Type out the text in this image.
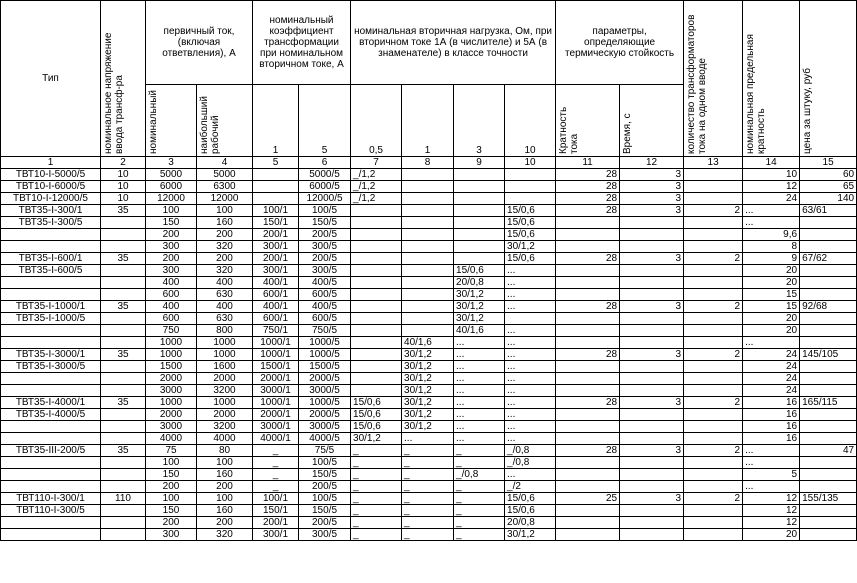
Тип	номинальное напряжение ввода трансф-ра	первичный ток, (включая ответвления), А		номинальный коэффициент трансформации при номинальном вторичном токе, А		номинальная вторичная нагрузка, Ом, при вторичном токе 1А (в числителе) и 5А (в знаменателе) в классе точности				параметры, определяющие термическую стойкость		количество трансформаторов тока на одном вводе	номинальная предельная кратность	цена за штуку, руб

		номинальный	наибольший рабочий	1	5	0,5	1	3	10	Кратность тока	Время, с			

1	2	3	4	5	6	7	8	9	10	11	12	13	14	15
ТВТ10-I-5000/5	10	5000	5000		5000/5	_/1,2				28	3		10	60
ТВТ10-I-6000/5	10	6000	6300		6000/5	_/1,2				28	3		12	65
ТВТ10-I-12000/5	10	12000	12000		12000/5	_/1,2				28	3		24	140
ТВТ35-I-300/1	35	100	100	100/1	100/5				15/0,6	28	3	2	...	63/61
ТВТ35-I-300/5		150	160	150/1	150/5				15/0,6				...	
		200	200	200/1	200/5				15/0,6				9,6	
		300	320	300/1	300/5				30/1,2				8	
ТВТ35-I-600/1	35	200	200	200/1	200/5				15/0,6	28	3	2	9	67/62
ТВТ35-I-600/5		300	320	300/1	300/5			15/0,6	...				20	
		400	400	400/1	400/5			20/0,8	...				20	
		600	630	600/1	600/5			30/1,2	...				15	
ТВТ35-I-1000/1	35	400	400	400/1	400/5			30/1,2	...	28	3	2	15	92/68
ТВТ35-I-1000/5		600	630	600/1	600/5			30/1,2					20	
		750	800	750/1	750/5			40/1,6	...				20	
		1000	1000	1000/1	1000/5		40/1,6	...	...				...	
ТВТ35-I-3000/1	35	1000	1000	1000/1	1000/5		30/1,2	...	...	28	3	2	24	145/105
ТВТ35-I-3000/5		1500	1600	1500/1	1500/5		30/1,2	...	...				24	
		2000	2000	2000/1	2000/5		30/1,2	...	...				24	
		3000	3200	3000/1	3000/5		30/1,2	...	...				24	
ТВТ35-I-4000/1	35	1000	1000	1000/1	1000/5	15/0,6	30/1,2	...	...	28	3	2	16	165/115
ТВТ35-I-4000/5		2000	2000	2000/1	2000/5	15/0,6	30/1,2	...	...				16	
		3000	3200	3000/1	3000/5	15/0,6	30/1,2	...	...				16	
		4000	4000	4000/1	4000/5	30/1,2	...	...	...				16	
ТВТ35-III-200/5	35	75	80	_	75/5	_	_	_	_/0,8	28	3	2	...	47
		100	100	_	100/5	_	_	_	_/0,8				...	
		150	160	_	150/5	_	_	_/0,8	...				5	
		200	200	_	200/5	_	_	_	_/2				...	
ТВТ110-I-300/1	110	100	100	100/1	100/5	_	_	_	15/0,6	25	3	2	12	155/135
ТВТ110-I-300/5		150	160	150/1	150/5	_	_	_	15/0,6				12	
		200	200	200/1	200/5	_	_	_	20/0,8				12	
		300	320	300/1	300/5	_	_	_	30/1,2				20	
